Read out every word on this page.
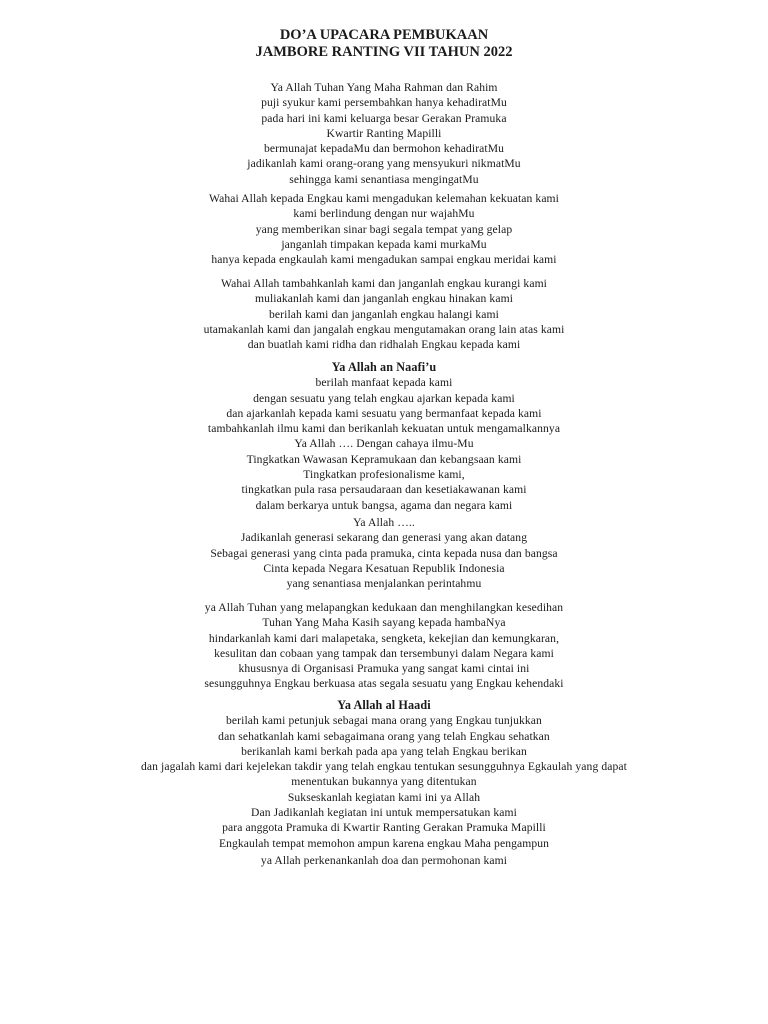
DO’A UPACARA PEMBUKAAN
JAMBORE RANTING VII TAHUN 2022
Ya Allah Tuhan Yang Maha Rahman dan Rahim
puji syukur kami persembahkan hanya kehadiratMu
pada hari ini kami keluarga besar Gerakan Pramuka
Kwartir Ranting Mapilli
bermunajat kepadaMu dan bermohon kehadiratMu
jadikanlah kami orang-orang yang mensyukuri nikmatMu
sehingga kami senantiasa mengingatMu
Wahai Allah kepada Engkau kami mengadukan kelemahan kekuatan kami
kami berlindung dengan nur wajahMu
yang memberikan sinar bagi segala tempat yang gelap
janganlah timpakan kepada kami murkaMu
hanya kepada engkaulah kami mengadukan sampai engkau meridai kami
Wahai Allah tambahkanlah kami dan janganlah engkau kurangi kami
muliakanlah kami dan janganlah engkau hinakan kami
berilah kami dan janganlah engkau halangi kami
utamakanlah kami dan jangalah engkau mengutamakan orang lain atas kami
dan buatlah kami ridha dan ridhalah Engkau kepada kami
Ya Allah an Naafi’u
berilah manfaat kepada kami
dengan sesuatu yang telah engkau ajarkan kepada kami
dan ajarkanlah kepada kami sesuatu yang bermanfaat kepada kami
tambahkanlah ilmu kami dan berikanlah kekuatan untuk mengamalkannya
Ya Allah …. Dengan cahaya ilmu-Mu
Tingkatkan Wawasan Kepramukaan dan kebangsaan kami
Tingkatkan profesionalisme kami,
tingkatkan pula rasa persaudaraan dan kesetiakawanan kami
dalam berkarya untuk bangsa, agama dan negara kami
Ya Allah …..
Jadikanlah generasi sekarang dan generasi yang akan datang
Sebagai generasi yang cinta pada pramuka, cinta kepada nusa dan bangsa
Cinta kepada Negara Kesatuan Republik Indonesia
yang senantiasa menjalankan perintahmu
ya Allah Tuhan yang melapangkan kedukaan dan menghilangkan kesedihan
Tuhan Yang Maha Kasih sayang kepada hambaNya
hindarkanlah kami dari malapetaka, sengketa, kekejian dan kemungkaran,
kesulitan dan cobaan yang tampak dan tersembunyi dalam Negara kami
khususnya di Organisasi Pramuka yang sangat kami cintai ini
sesungguhnya Engkau berkuasa atas segala sesuatu yang Engkau kehendaki
Ya Allah al Haadi
berilah kami petunjuk sebagai mana orang yang Engkau tunjukkan
dan sehatkanlah kami sebagaimana orang yang telah Engkau sehatkan
berikanlah kami berkah pada apa yang telah Engkau berikan
dan jagalah kami dari kejelekan takdir yang telah engkau tentukan sesungguhnya Egkaulah yang dapat
menentukan bukannya yang ditentukan
Sukseskanlah kegiatan kami ini ya Allah
Dan Jadikanlah kegiatan ini untuk mempersatukan kami
para anggota Pramuka di Kwartir Ranting Gerakan Pramuka Mapilli
Engkaulah tempat memohon ampun karena engkau Maha pengampun
ya Allah perkenankanlah doa dan permohonan kami
